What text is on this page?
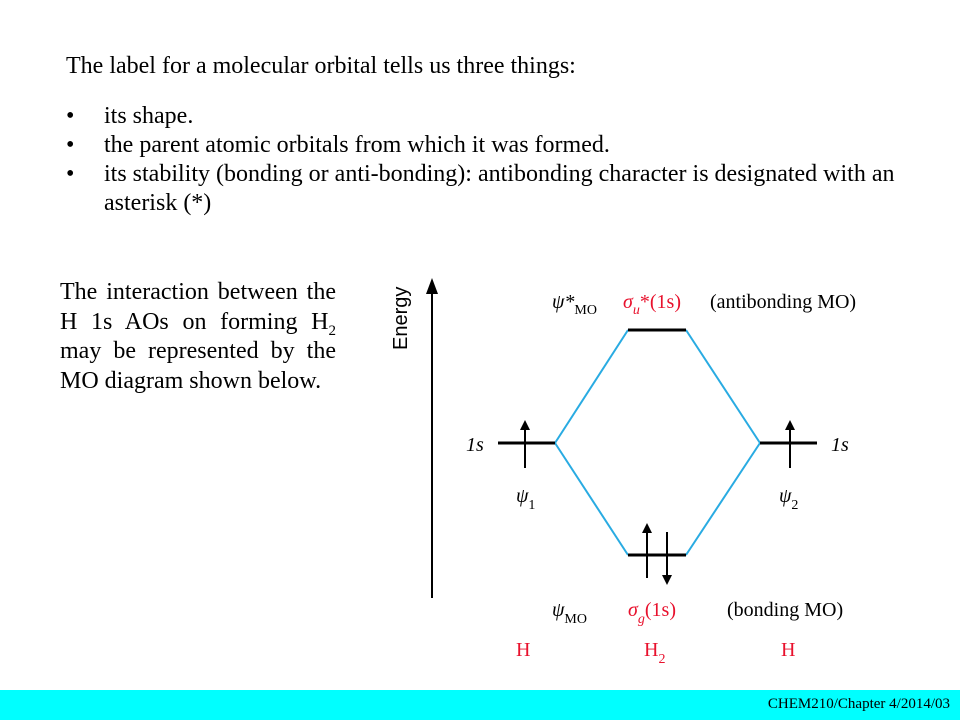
The label for a molecular orbital tells us three things:

• its shape.
• the parent atomic orbitals from which it was formed.
• its stability (bonding or anti-bonding): antibonding character is designated with an asterisk (*)
The interaction between the H 1s AOs on forming $H_2$ may be represented by the MO diagram shown below.
Energy	$\psi*_{MO}$ $\sigma_u*(1s)$ (antibonding MO)
1s	1s
$\psi_1$	$\psi_2$
$\psi_{MO}$ $\sigma_g(1s)$	(bonding MO)
H	$H_2$	H
CHEM210/Chapter 4/2014/03
